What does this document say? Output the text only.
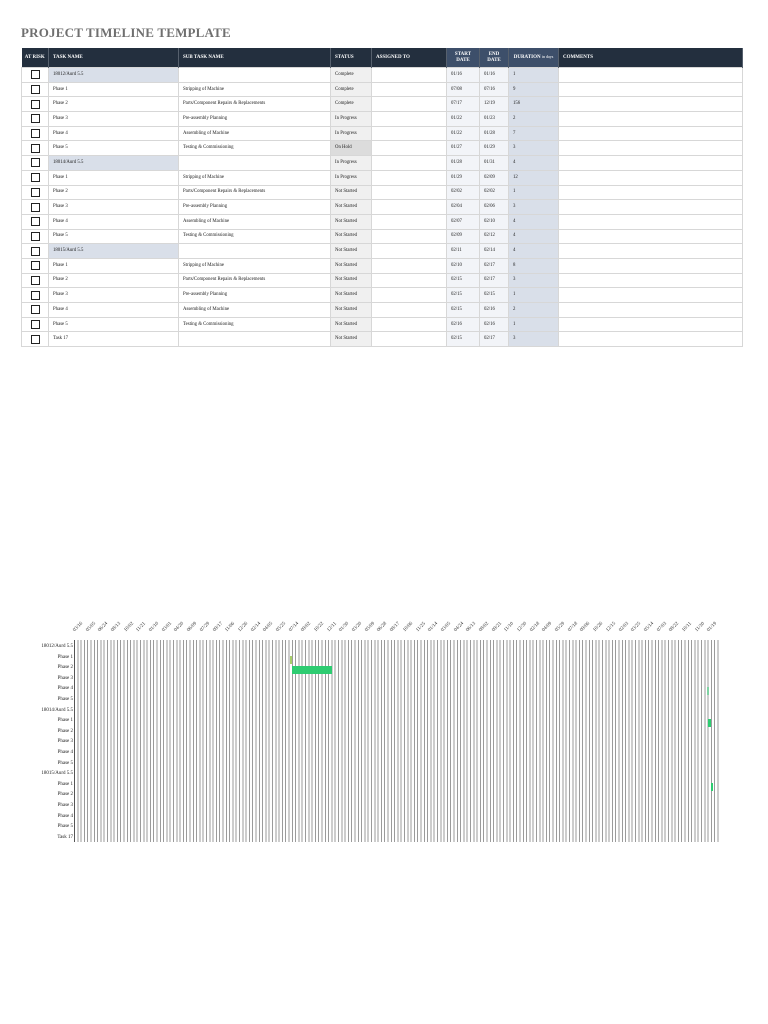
PROJECT TIMELINE TEMPLATE
AT RISK	TASK NAME	SUB TASK NAME	STATUS	ASSIGNED TO	START DATE	END DATE	DURATION in days	COMMENTS
	18012/Aurd 5.5		Complete		01/16	01/16	1	
	Phase 1	Stripping of Machine	Complete		07/08	07/16	9	
	Phase 2	Parts/Component Repairs & Replacements	Complete		07/17	12/19	156	
	Phase 3	Pre-assembly Planning	In Progress		01/22	01/23	2	
	Phase 4	Assembling of Machine	In Progress		01/22	01/28	7	
	Phase 5	Testing & Commissioning	On Hold		01/27	01/29	3	
	18014/Aurd 5.5		In Progress		01/28	01/31	4	
	Phase 1	Stripping of Machine	In Progress		01/29	02/09	12	
	Phase 2	Parts/Component Repairs & Replacements	Not Started		02/02	02/02	1	
	Phase 3	Pre-assembly Planning	Not Started		02/04	02/06	3	
	Phase 4	Assembling of Machine	Not Started		02/07	02/10	4	
	Phase 5	Testing & Commissioning	Not Started		02/09	02/12	4	
	18015/Aurd 5.5		Not Started		02/11	02/14	4	
	Phase 1	Stripping of Machine	Not Started		02/10	02/17	8	
	Phase 2	Parts/Component Repairs & Replacements	Not Started		02/15	02/17	3	
	Phase 3	Pre-assembly Planning	Not Started		02/15	02/15	1	
	Phase 4	Assembling of Machine	Not Started		02/15	02/16	2	
	Phase 5	Testing & Commissioning	Not Started		02/16	02/16	1	
	Task 17		Not Started		02/15	02/17	3	
03/16 05/05 06/24 08/13 10/02 11/21 01/10 03/01 04/20 06/09 07/29 09/17 11/06 12/26 02/14 04/05 05/25 07/14 09/02 10/22 12/11 01/30 03/20 05/09 06/28 08/17 10/06 11/25 01/14 03/05 04/24 06/13 08/02 09/21 11/10 12/30 02/18 04/09 05/29 07/18 09/06 10/26 12/15 02/03 03/25 05/14 07/03 08/22 10/11 11/30 01/19
18012/Aurd 5.5
Phase 1
Phase 2
Phase 3
Phase 4
Phase 5
18014/Aurd 5.5
Phase 1
Phase 2
Phase 3
Phase 4
Phase 5
18015/Aurd 5.5
Phase 1
Phase 2
Phase 3
Phase 4
Phase 5
Task 17
